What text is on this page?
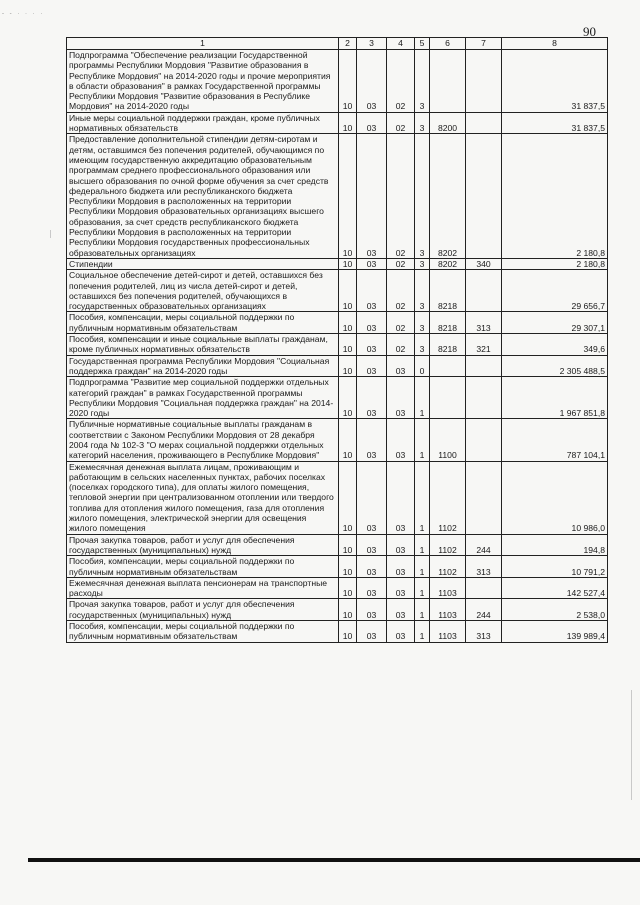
- - · · · ·
90
1	2	3	4	5	6	7	8
Подпрограмма "Обеспечение реализации Государственной программы Республики Мордовия "Развитие образования в Республике Мордовия" на 2014-2020 годы и прочие мероприятия в области образования" в рамках Государственной программы Республики Мордовия "Развитие образования в Республике Мордовия" на 2014-2020 годы	10	03	02	3			31 837,5
Иные меры социальной поддержки граждан, кроме публичных нормативных обязательств	10	03	02	3	8200		31 837,5
Предоставление дополнительной стипендии детям-сиротам и детям, оставшимся без попечения родителей, обучающимся по имеющим государственную аккредитацию образовательным программам среднего профессионального образования или высшего образования по очной форме обучения за счет средств федерального бюджета или республиканского бюджета Республики Мордовия в расположенных на территории Республики Мордовия образовательных организациях высшего образования, за счет средств республиканского бюджета Республики Мордовия в расположенных на территории Республики Мордовия государственных профессиональных образовательных организациях	10	03	02	3	8202		2 180,8
Стипендии	10	03	02	3	8202	340	2 180,8
Социальное обеспечение детей-сирот и детей, оставшихся без попечения родителей, лиц из числа детей-сирот и детей, оставшихся без попечения родителей, обучающихся в государственных образовательных организациях	10	03	02	3	8218		29 656,7
Пособия, компенсации, меры социальной поддержки по публичным нормативным обязательствам	10	03	02	3	8218	313	29 307,1
Пособия, компенсации и иные социальные выплаты гражданам, кроме публичных нормативных обязательств	10	03	02	3	8218	321	349,6
Государственная программа Республики Мордовия "Социальная поддержка граждан" на 2014-2020 годы	10	03	03	0			2 305 488,5
Подпрограмма "Развитие мер социальной поддержки отдельных категорий граждан" в рамках Государственной программы Республики Мордовия "Социальная поддержка граждан" на 2014-2020 годы	10	03	03	1			1 967 851,8
Публичные нормативные социальные выплаты гражданам в соответствии с Законом Республики Мордовия от 28 декабря 2004 года № 102-З "О мерах социальной поддержки отдельных категорий населения, проживающего в Республике Мордовия"	10	03	03	1	1100		787 104,1
Ежемесячная денежная выплата лицам, проживающим и работающим в сельских населенных пунктах, рабочих поселках (поселках городского типа), для оплаты жилого помещения, тепловой энергии при централизованном отоплении или твердого топлива для отопления жилого помещения, газа для отопления жилого помещения, электрической энергии для освещения жилого помещения	10	03	03	1	1102		10 986,0
Прочая закупка товаров, работ и услуг для обеспечения государственных (муниципальных) нужд	10	03	03	1	1102	244	194,8
Пособия, компенсации, меры социальной поддержки по публичным нормативным обязательствам	10	03	03	1	1102	313	10 791,2
Ежемесячная денежная выплата пенсионерам на транспортные расходы	10	03	03	1	1103		142 527,4
Прочая закупка товаров, работ и услуг для обеспечения государственных (муниципальных) нужд	10	03	03	1	1103	244	2 538,0
Пособия, компенсации, меры социальной поддержки по публичным нормативным обязательствам	10	03	03	1	1103	313	139 989,4
